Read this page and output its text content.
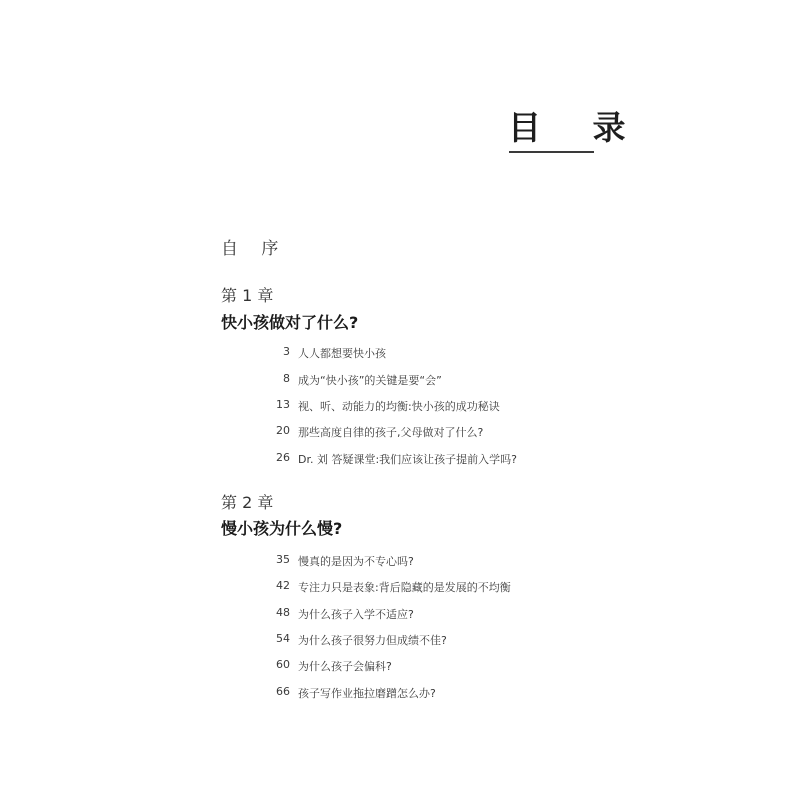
目 录
自 序
第 1 章
快小孩做对了什么?
3 人人都想要快小孩
8 成为“快小孩”的关键是要“会”
13 视、听、动能力的均衡:快小孩的成功秘诀
20 那些高度自律的孩子,父母做对了什么?
26 Dr. 刘 答疑课堂:我们应该让孩子提前入学吗?
第 2 章
慢小孩为什么慢?
35 慢真的是因为不专心吗?
42 专注力只是表象:背后隐藏的是发展的不均衡
48 为什么孩子入学不适应?
54 为什么孩子很努力但成绩不佳?
60 为什么孩子会偏科?
66 孩子写作业拖拉磨蹭怎么办?
